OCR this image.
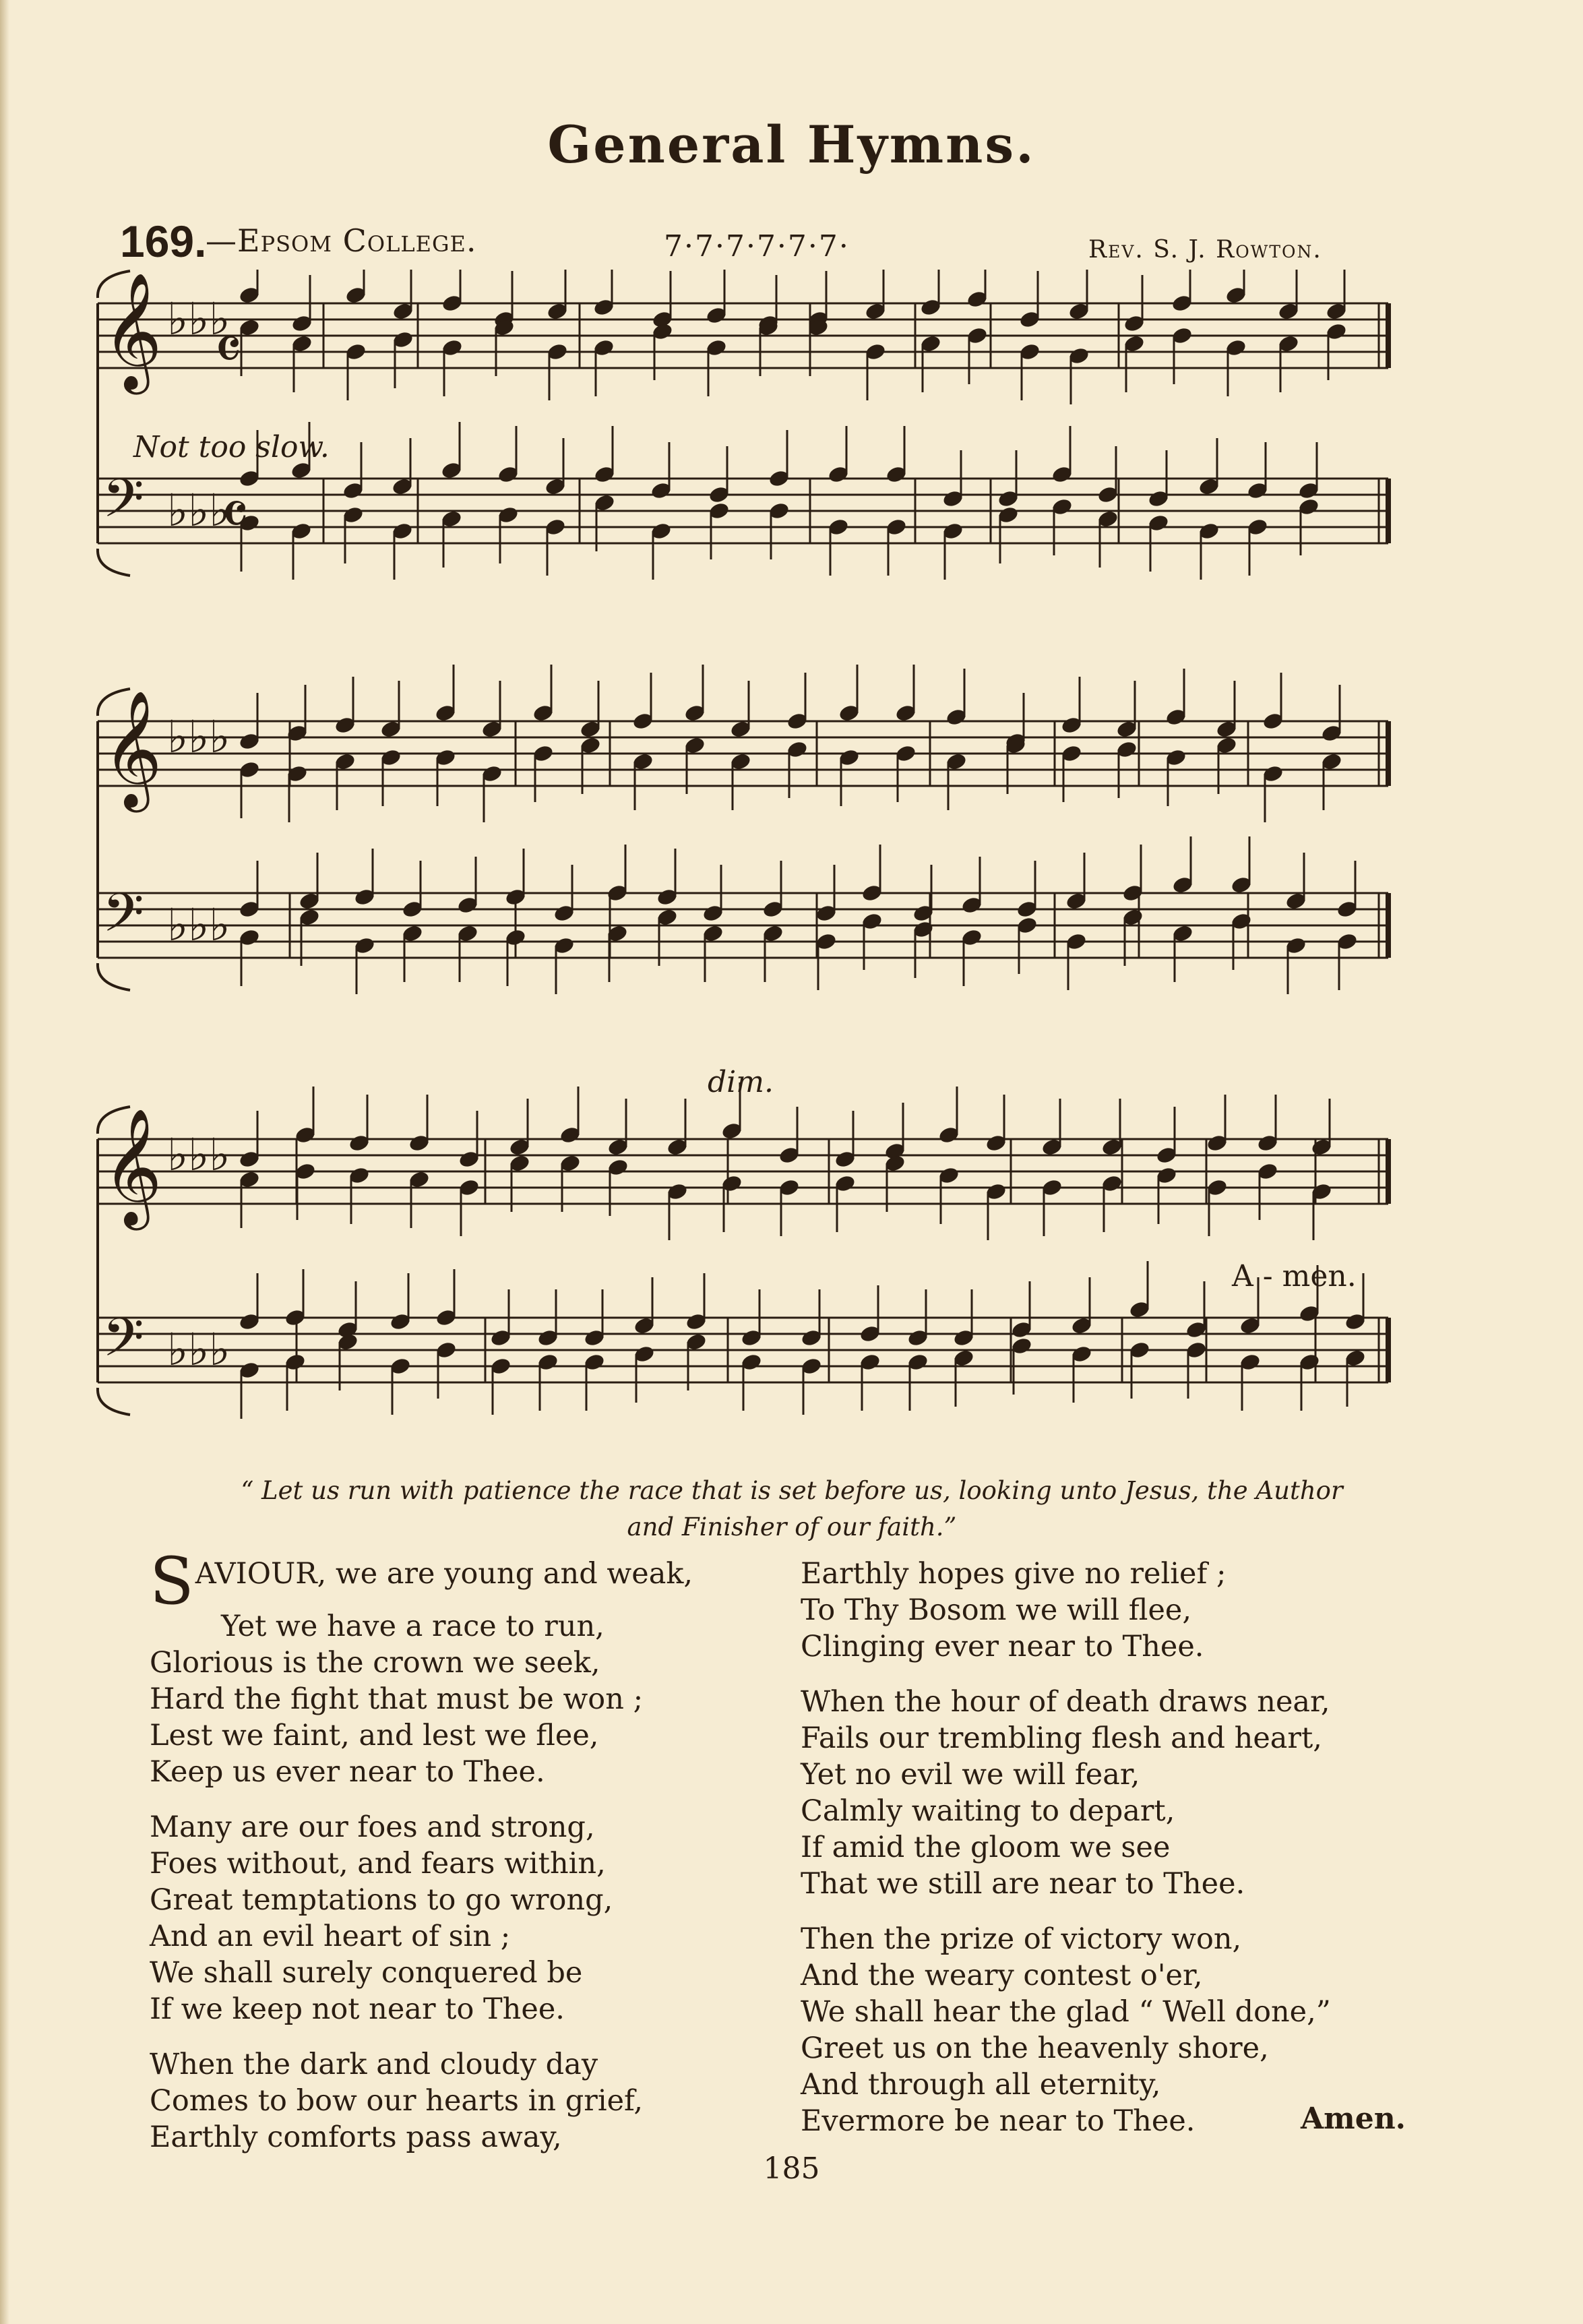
General Hymns.
169.
—Epsom College.	7·7·7·7·7·7·	Rev. S. J. Rowton.
𝄞 ♭♭♭
𝄢 ♭♭♭
𝄞 ♭♭♭
𝄢 ♭♭♭
𝄞 ♭♭♭
𝄢 ♭♭♭
𝄴
𝄴
Not too slow.
dim.
A - men.
“ Let us run with patience the race that is set before us, looking unto Jesus, the Author
and Finisher of our faith.”
SAVIOUR, we are young and weak,
Yet we have a race to run,
Glorious is the crown we seek,
Hard the fight that must be won ;
Lest we faint, and lest we flee,
Keep us ever near to Thee.
Many are our foes and strong,
Foes without, and fears within,
Great temptations to go wrong,
And an evil heart of sin ;
We shall surely conquered be
If we keep not near to Thee.
When the dark and cloudy day
Comes to bow our hearts in grief,
Earthly comforts pass away,
Earthly hopes give no relief ;
To Thy Bosom we will flee,
Clinging ever near to Thee.
When the hour of death draws near,
Fails our trembling flesh and heart,
Yet no evil we will fear,
Calmly waiting to depart,
If amid the gloom we see
That we still are near to Thee.
Then the prize of victory won,
And the weary contest o'er,
We shall hear the glad “ Well done,”
Greet us on the heavenly shore,
And through all eternity,
Evermore be near to Thee.	Amen.
185
